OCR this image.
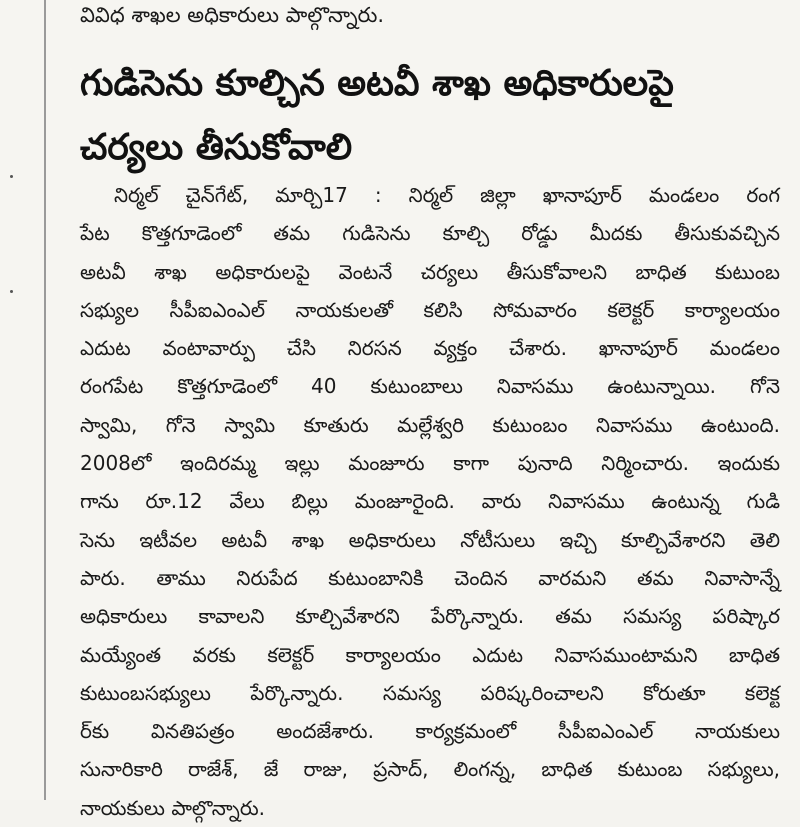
వివిధ శాఖల అధికారులు పాల్గొన్నారు.
గుడిసెను కూల్చిన అటవీ శాఖ అధికారులపై
చర్యలు తీసుకోవాలి
నిర్మల్ చైన్‌గేట్, మార్చి17 : నిర్మల్ జిల్లా ఖానాపూర్ మండలం రంగ
పేట కొత్తగూడెంలో తమ గుడిసెను కూల్చి రోడ్డు మీదకు తీసుకువచ్చిన
అటవీ శాఖ అధికారులపై వెంటనే చర్యలు తీసుకోవాలని బాధిత కుటుంబ
సభ్యుల సీపీఐఎంఎల్ నాయకులతో కలిసి సోమవారం కలెక్టర్ కార్యాలయం
ఎదుట వంటావార్పు చేసి నిరసన వ్యక్తం చేశారు. ఖానాపూర్ మండలం
రంగపేట కొత్తగూడెంలో 40 కుటుంబాలు నివాసము ఉంటున్నాయి. గోనె
స్వామి, గోనె స్వామి కూతురు మల్లేశ్వరి కుటుంబం నివాసము ఉంటుంది.
2008లో ఇందిరమ్మ ఇల్లు మంజూరు కాగా పునాది నిర్మించారు. ఇందుకు
గాను రూ.12 వేలు బిల్లు మంజూరైంది. వారు నివాసము ఉంటున్న గుడి
సెను ఇటీవల అటవీ శాఖ అధికారులు నోటీసులు ఇచ్చి కూల్చివేశారని తెలి
పారు. తాము నిరుపేద కుటుంబానికి చెందిన వారమని తమ నివాసాన్నే
అధికారులు కావాలని కూల్చివేశారని పేర్కొన్నారు. తమ సమస్య పరిష్కార
మయ్యేంత వరకు కలెక్టర్ కార్యాలయం ఎదుట నివాసముంటామని బాధిత
కుటుంబసభ్యులు పేర్కొన్నారు. సమస్య పరిష్కరించాలని కోరుతూ కలెక్ట
ర్‌కు వినతిపత్రం అందజేశారు. కార్యక్రమంలో సీపీఐఎంఎల్ నాయకులు
సునారికారి రాజేశ్, జే రాజు, ప్రసాద్, లింగన్న, బాధిత కుటుంబ సభ్యులు,
నాయకులు పాల్గొన్నారు.
